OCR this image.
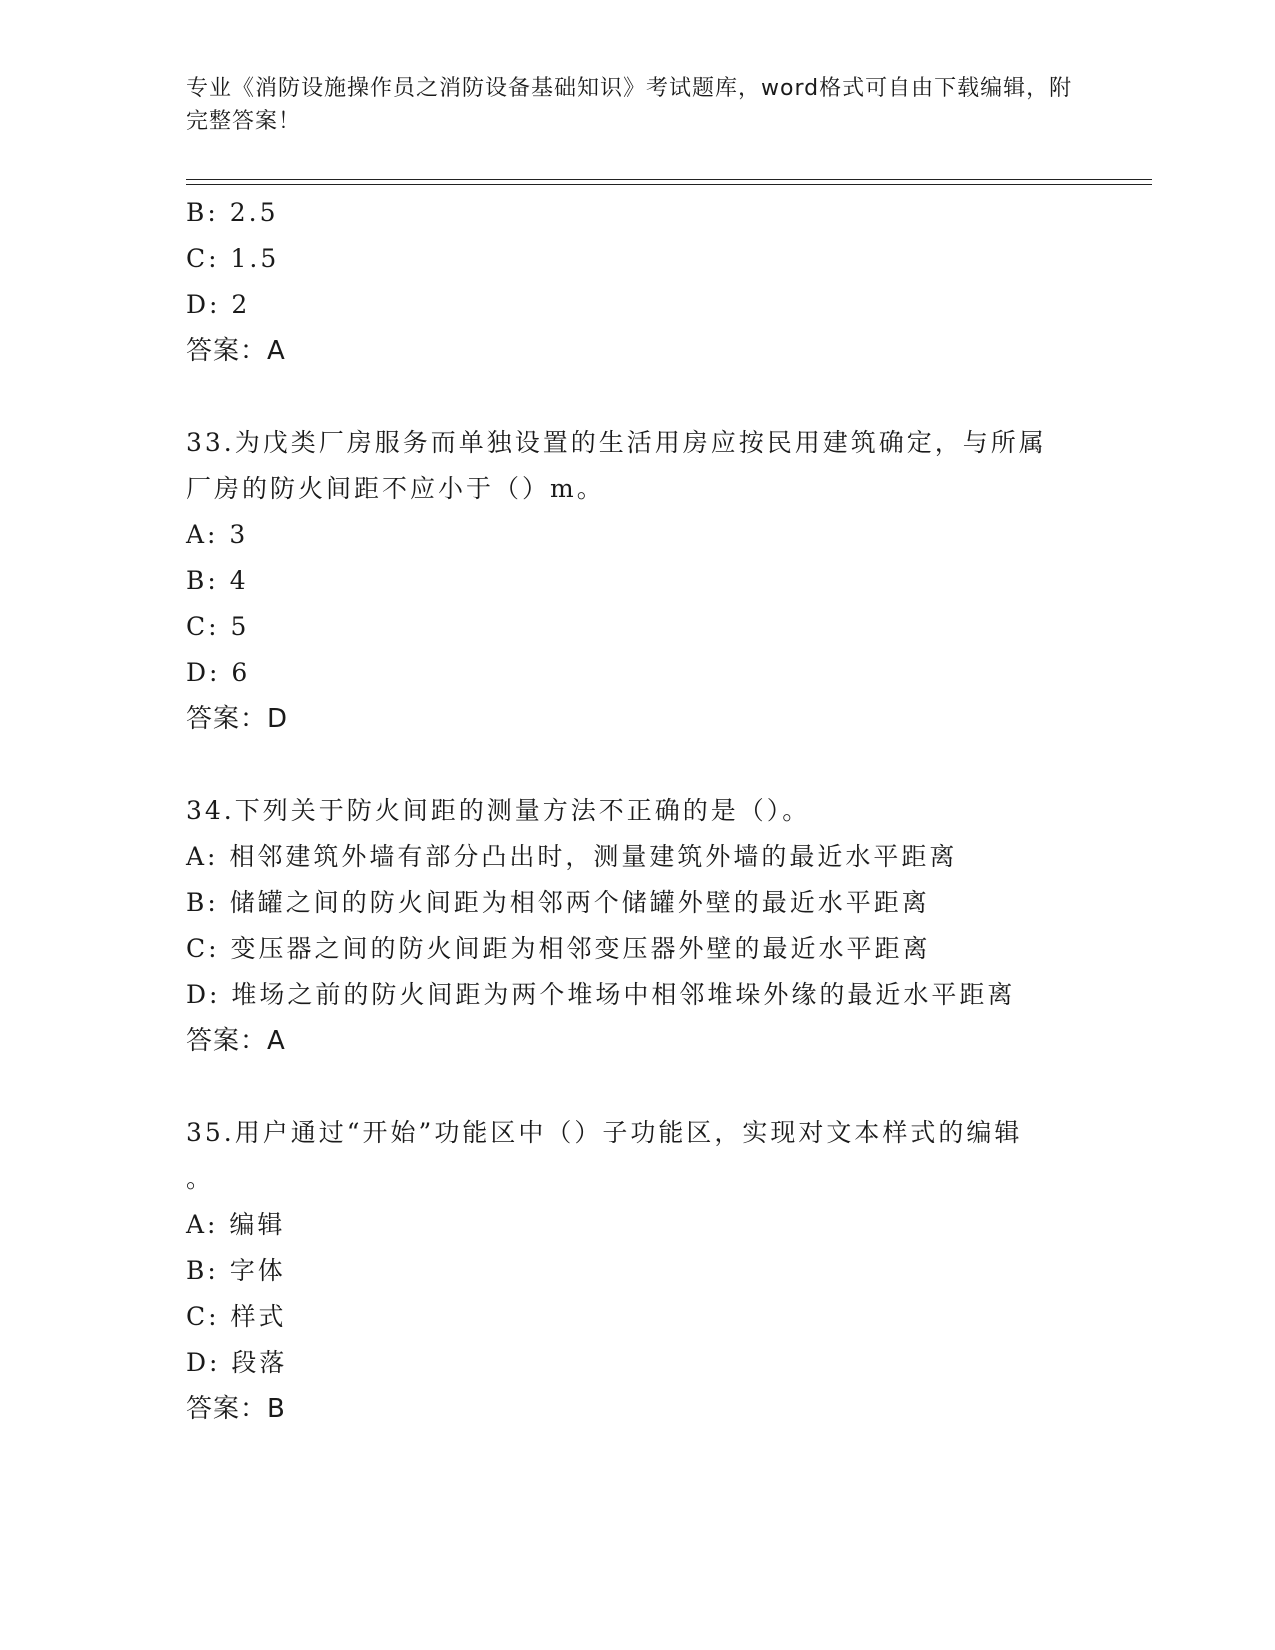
专业《消防设施操作员之消防设备基础知识》考试题库，word格式可自由下载编辑，附完整答案！
B: 2.5
C: 1.5
D: 2
答案：A
33.为戊类厂房服务而单独设置的生活用房应按民用建筑确定，与所属
厂房的防火间距不应小于（）m。
A: 3
B: 4
C: 5
D: 6
答案：D
34.下列关于防火间距的测量方法不正确的是（）。
A: 相邻建筑外墙有部分凸出时，测量建筑外墙的最近水平距离
B: 储罐之间的防火间距为相邻两个储罐外壁的最近水平距离
C: 变压器之间的防火间距为相邻变压器外壁的最近水平距离
D: 堆场之前的防火间距为两个堆场中相邻堆垛外缘的最近水平距离
答案：A
35.用户通过“开始”功能区中（）子功能区，实现对文本样式的编辑
。
A: 编辑
B: 字体
C: 样式
D: 段落
答案：B
